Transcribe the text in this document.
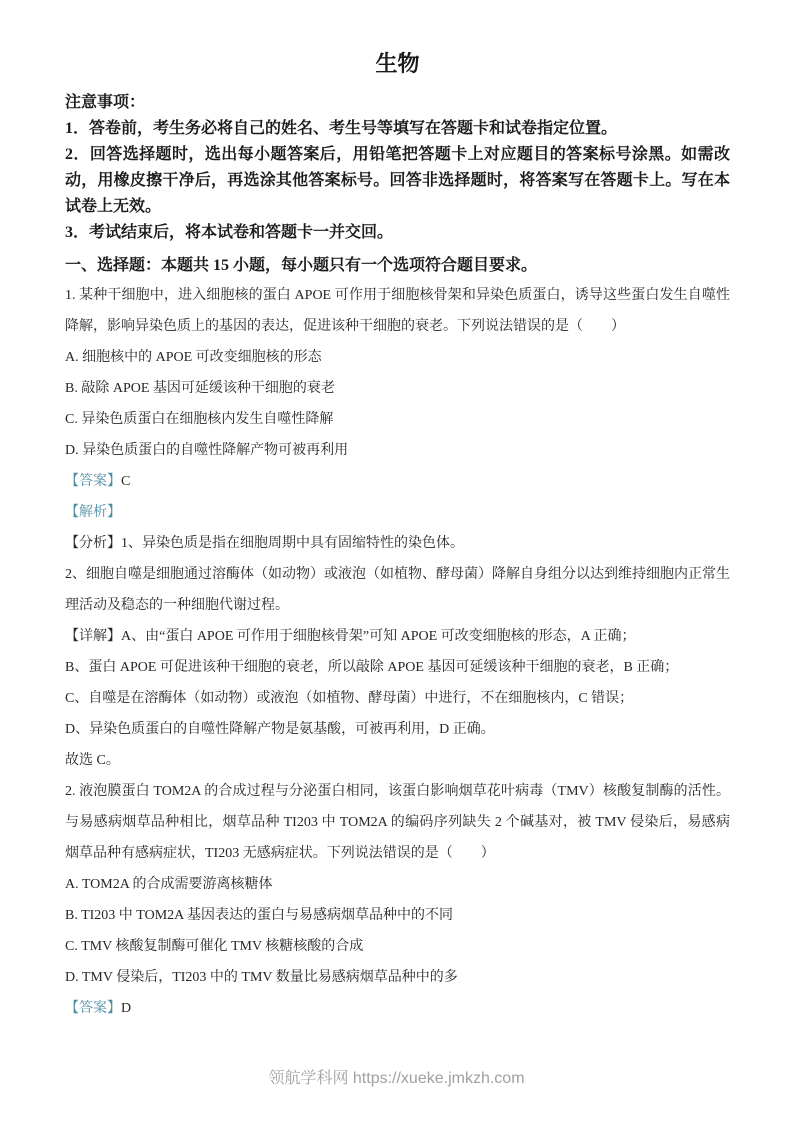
生物

注意事项：

1．答卷前，考生务必将自己的姓名、考生号等填写在答题卡和试卷指定位置。

2．回答选择题时，选出每小题答案后，用铅笔把答题卡上对应题目的答案标号涂黑。如需改动，用橡皮擦干净后，再选涂其他答案标号。回答非选择题时，将答案写在答题卡上。写在本试卷上无效。

3．考试结束后，将本试卷和答题卡一并交回。

一、选择题：本题共 15 小题，每小题只有一个选项符合题目要求。

1. 某种干细胞中，进入细胞核的蛋白 APOE 可作用于细胞核骨架和异染色质蛋白，诱导这些蛋白发生自噬性降解，影响异染色质上的基因的表达，促进该种干细胞的衰老。下列说法错误的是（　　）

A. 细胞核中的 APOE 可改变细胞核的形态

B. 敲除 APOE 基因可延缓该种干细胞的衰老

C. 异染色质蛋白在细胞核内发生自噬性降解

D. 异染色质蛋白的自噬性降解产物可被再利用

【答案】C

【解析】

【分析】1、异染色质是指在细胞周期中具有固缩特性的染色体。

2、细胞自噬是细胞通过溶酶体（如动物）或液泡（如植物、酵母菌）降解自身组分以达到维持细胞内正常生理活动及稳态的一种细胞代谢过程。

【详解】A、由“蛋白 APOE 可作用于细胞核骨架”可知 APOE 可改变细胞核的形态，A 正确；

B、蛋白 APOE 可促进该种干细胞的衰老，所以敲除 APOE 基因可延缓该种干细胞的衰老，B 正确；

C、自噬是在溶酶体（如动物）或液泡（如植物、酵母菌）中进行，不在细胞核内，C 错误；

D、异染色质蛋白的自噬性降解产物是氨基酸，可被再利用，D 正确。

故选 C。

2. 液泡膜蛋白 TOM2A 的合成过程与分泌蛋白相同，该蛋白影响烟草花叶病毒（TMV）核酸复制酶的活性。与易感病烟草品种相比，烟草品种 TI203 中 TOM2A 的编码序列缺失 2 个碱基对，被 TMV 侵染后，易感病烟草品种有感病症状，TI203 无感病症状。下列说法错误的是（　　）

A. TOM2A 的合成需要游离核糖体

B. TI203 中 TOM2A 基因表达的蛋白与易感病烟草品种中的不同

C. TMV 核酸复制酶可催化 TMV 核糖核酸的合成

D. TMV 侵染后，TI203 中的 TMV 数量比易感病烟草品种中的多

【答案】D

领航学科网 https://xueke.jmkzh.com
